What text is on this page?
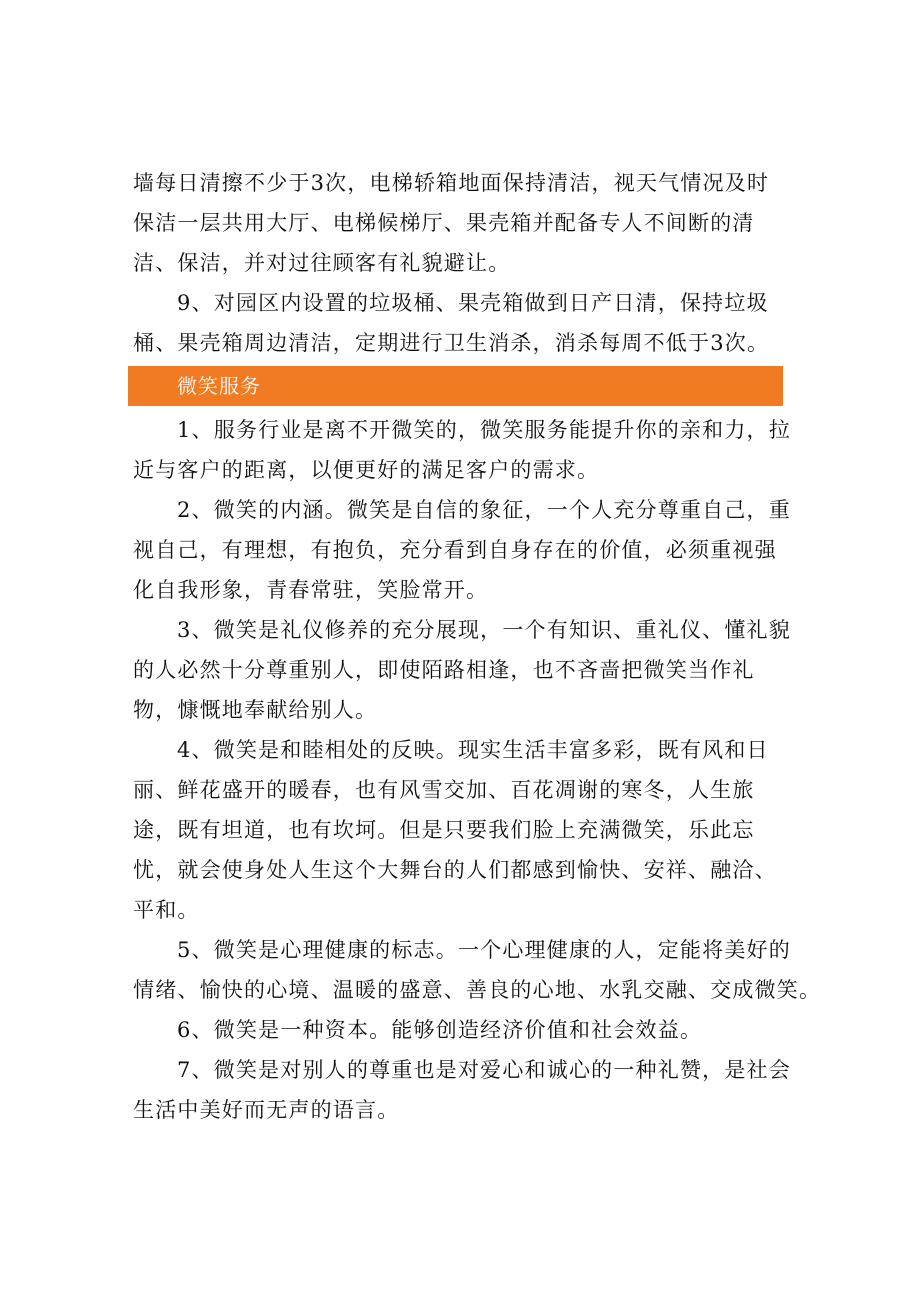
墙每日清擦不少于3次，电梯轿箱地面保持清洁，视天气情况及时
保洁一层共用大厅、电梯候梯厅、果壳箱并配备专人不间断的清
洁、保洁，并对过往顾客有礼貌避让。
9、对园区内设置的垃圾桶、果壳箱做到日产日清，保持垃圾
桶、果壳箱周边清洁，定期进行卫生消杀，消杀每周不低于3次。
微笑服务
1、服务行业是离不开微笑的，微笑服务能提升你的亲和力，拉
近与客户的距离，以便更好的满足客户的需求。
2、微笑的内涵。微笑是自信的象征，一个人充分尊重自己，重
视自己，有理想，有抱负，充分看到自身存在的价值，必须重视强
化自我形象，青春常驻，笑脸常开。
3、微笑是礼仪修养的充分展现，一个有知识、重礼仪、懂礼貌
的人必然十分尊重别人，即使陌路相逢，也不吝啬把微笑当作礼
物，慷慨地奉献给别人。
4、微笑是和睦相处的反映。现实生活丰富多彩，既有风和日
丽、鲜花盛开的暖春，也有风雪交加、百花凋谢的寒冬，人生旅
途，既有坦道，也有坎坷。但是只要我们脸上充满微笑，乐此忘
忧，就会使身处人生这个大舞台的人们都感到愉快、安祥、融洽、
平和。
5、微笑是心理健康的标志。一个心理健康的人，定能将美好的
情绪、愉快的心境、温暖的盛意、善良的心地、水乳交融、交成微笑。
6、微笑是一种资本。能够创造经济价值和社会效益。
7、微笑是对别人的尊重也是对爱心和诚心的一种礼赞，是社会
生活中美好而无声的语言。
